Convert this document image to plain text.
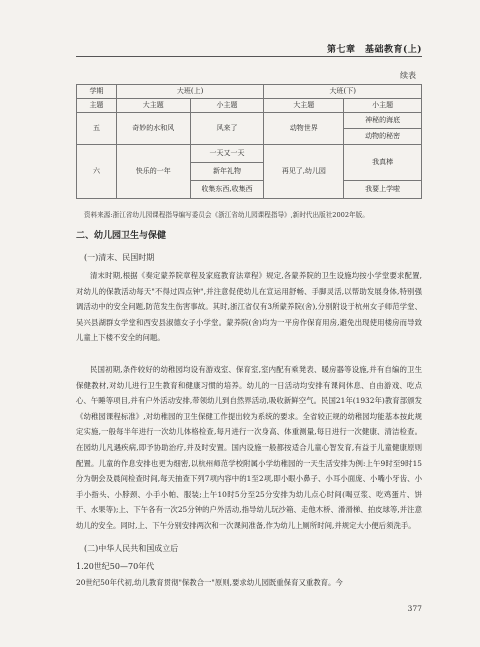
第七章　基础教育(上)
续表
学期	大班(上)		大班(下)	
主题	大主题	小主题	大主题	小主题
五	奇妙的水和风	风来了	动物世界	神秘的海底
				动物的秘密
六	快乐的一年	一天又一天	再见了,幼儿园	我真棒
		新年礼物		
		收集东西,收集西		我要上学啦
资料来源:浙江省幼儿园课程指导编写委员会《浙江省幼儿园课程指导》,新时代出版社2002年版。
二、幼儿园卫生与保健
(一)清末、民国时期

清末时期,根据《奏定蒙养院章程及家庭教育法章程》规定,各蒙养院的卫生设施均按小学堂要求配置,对幼儿的保教活动每天"不得过四点钟",并注意促使幼儿在宣运用舒畅、手脚灵活,以帮助发展身体,特别强调活动中的安全问题,防范发生伤害事故。其时,浙江省仅有3所蒙养院(舍),分别附设于杭州女子师范学堂、吴兴县湖群女学堂和西安县淑德女子小学堂。蒙养院(舍)均为一平房作保育用房,避免出现使用楼房而导致儿童上下楼不安全的问题。

民国初期,条件较好的幼稚园均设有游戏室、保育室,室内配有乘凳表、暖房器等设施,并有自编的卫生保健教材,对幼儿进行卫生教育和健康习惯的培养。幼儿的一日活动均安排有课间休息、自由游戏、吃点心、午睡等项目,并有户外活动安排,带领幼儿到自然界活动,吸收新鲜空气。民国21年(1932年)教育部颁发《幼稚园课程标准》,对幼稚园的卫生保健工作提出较为系统的要求。全省较正规的幼稚园均能基本按此规定实施,一般每半年进行一次幼儿体格检查,每月进行一次身高、体重测量,每日进行一次健康、清洁检查。在园幼儿凡遇疾病,即予协助治疗,并及时安置。国内设施一般都按适合儿童心智发育,有益于儿童健康原则配置。儿童的作息安排也更为细密,以杭州师范学校附属小学幼稚园的一天生活安排为例:上午9时至9时15分为朝会及晨间检查时间,每天抽查下列7项内容中的1至2项,即小眼小鼻子、小耳小面庞、小嘴小牙齿、小手小指头、小脖颈、小手小帕、服装;上午10时5分至25分安排为幼儿点心时间(喝豆浆、吃鸡蛋片、饼干、水果等);上、下午各有一次25分钟的户外活动,指导幼儿玩沙箱、走他木桥、滑滑梯、拍皮球等,并注意幼儿的安全。同时,上、下午分别安排两次和一次课间准备,作为幼儿上厕所时间,并规定大小便后须洗手。

(二)中华人民共和国成立后
1.20世纪50—70年代

20世纪50年代初,幼儿教育贯彻"保教合一"原则,要求幼儿园既重保育又重教育。今

377
